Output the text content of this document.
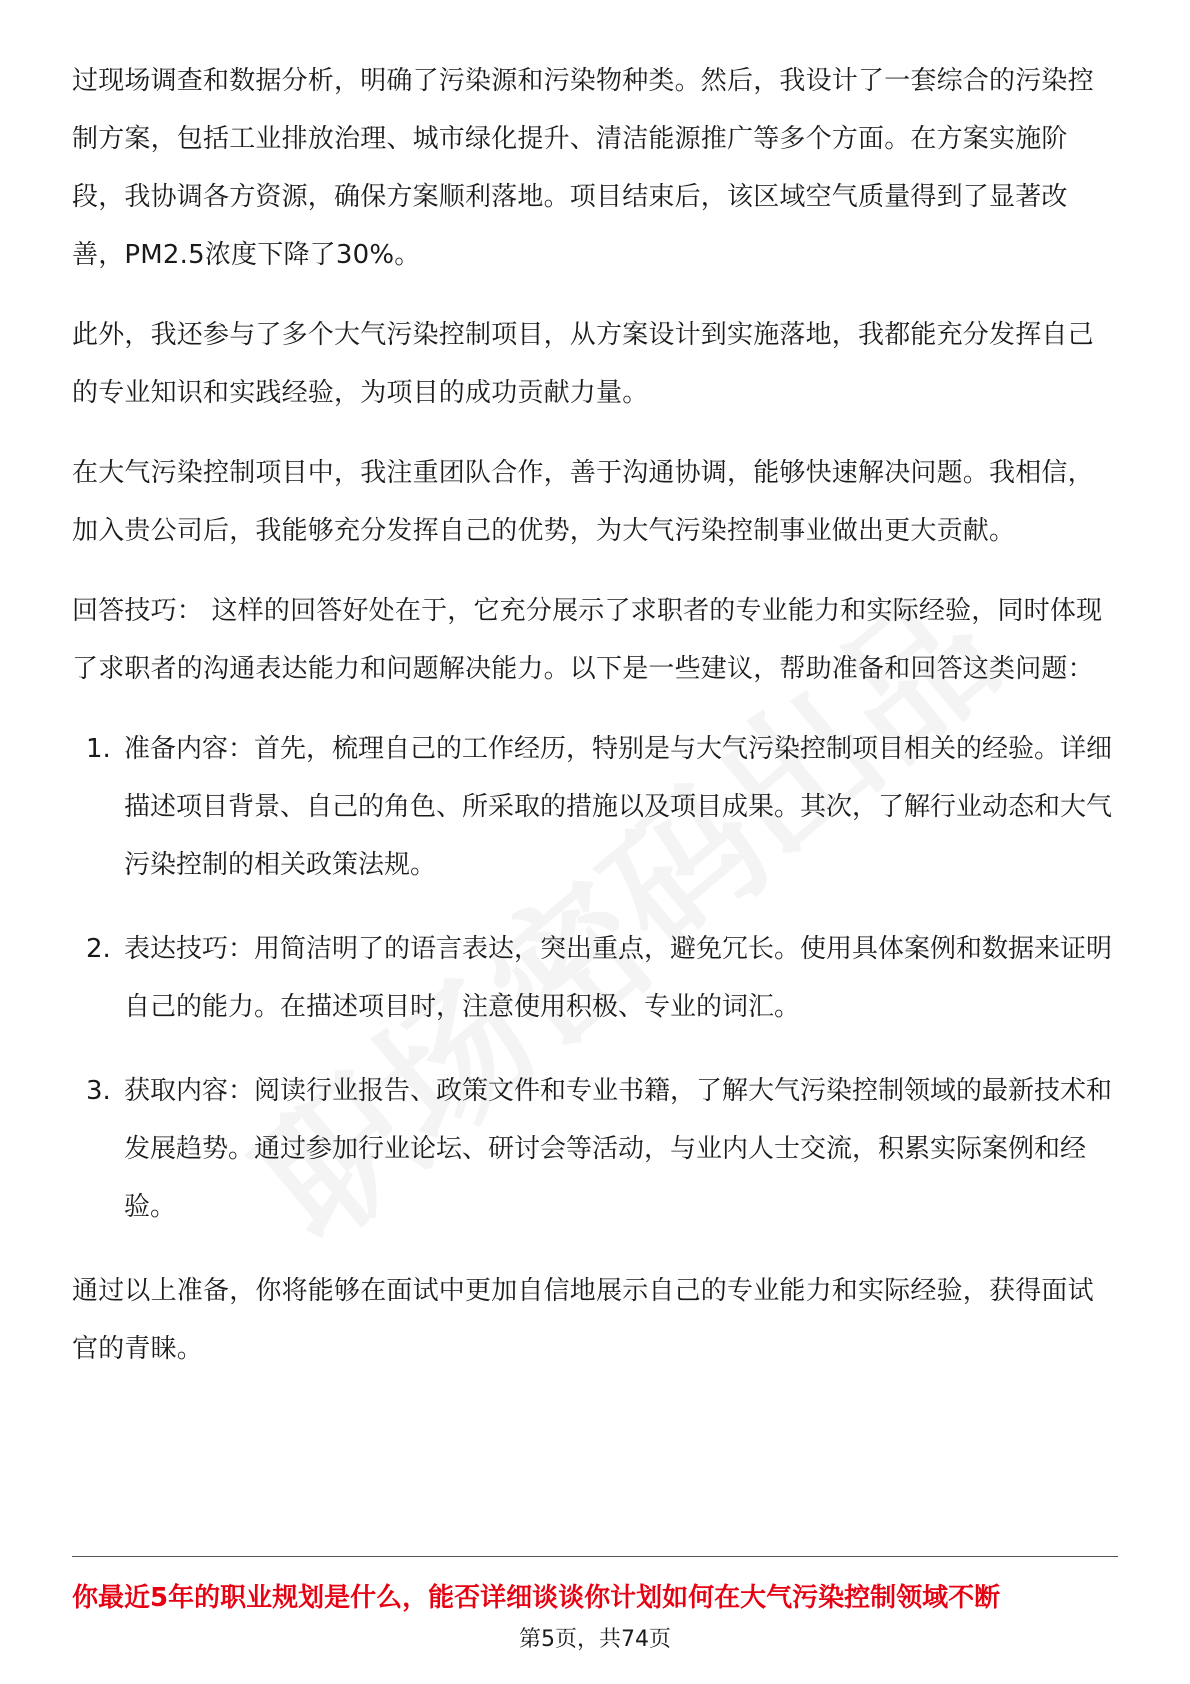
过现场调查和数据分析，明确了污染源和污染物种类。然后，我设计了一套综合的污染控制方案，包括工业排放治理、城市绿化提升、清洁能源推广等多个方面。在方案实施阶段，我协调各方资源，确保方案顺利落地。项目结束后，该区域空气质量得到了显著改善，PM2.5浓度下降了30%。

此外，我还参与了多个大气污染控制项目，从方案设计到实施落地，我都能充分发挥自己的专业知识和实践经验，为项目的成功贡献力量。

在大气污染控制项目中，我注重团队合作，善于沟通协调，能够快速解决问题。我相信，加入贵公司后，我能够充分发挥自己的优势，为大气污染控制事业做出更大贡献。

回答技巧： 这样的回答好处在于，它充分展示了求职者的专业能力和实际经验，同时体现了求职者的沟通表达能力和问题解决能力。以下是一些建议，帮助准备和回答这类问题：

1. 准备内容：首先，梳理自己的工作经历，特别是与大气污染控制项目相关的经验。详细描述项目背景、自己的角色、所采取的措施以及项目成果。其次，了解行业动态和大气污染控制的相关政策法规。
2. 表达技巧：用简洁明了的语言表达，突出重点，避免冗长。使用具体案例和数据来证明自己的能力。在描述项目时，注意使用积极、专业的词汇。
3. 获取内容：阅读行业报告、政策文件和专业书籍，了解大气污染控制领域的最新技术和发展趋势。通过参加行业论坛、研讨会等活动，与业内人士交流，积累实际案例和经验。

通过以上准备，你将能够在面试中更加自信地展示自己的专业能力和实际经验，获得面试官的青睐。

你最近5年的职业规划是什么，能否详细谈谈你计划如何在大气污染控制领域不断
第5页，共74页
